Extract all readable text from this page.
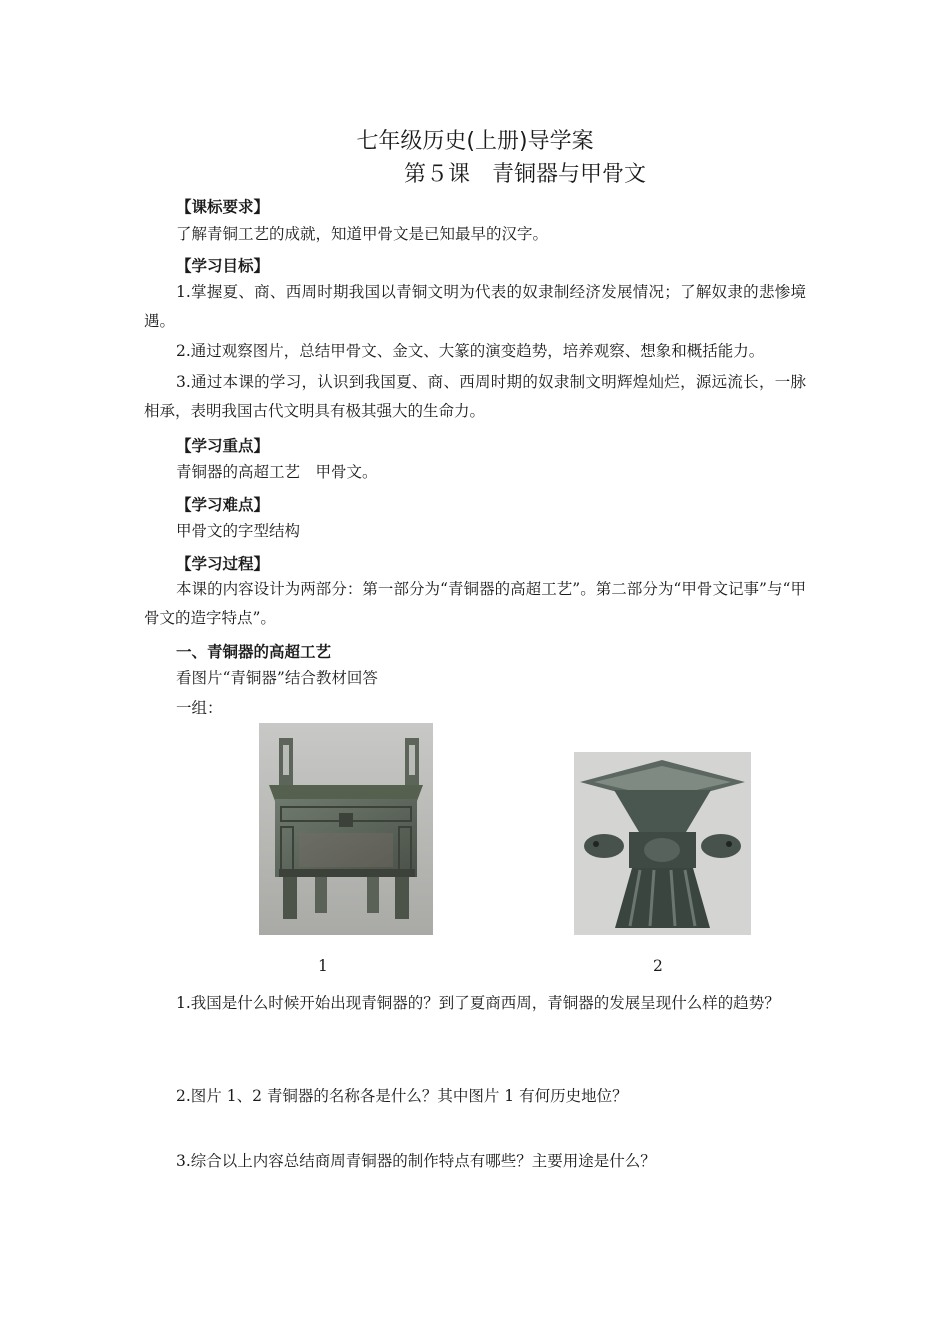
七年级历史(上册)导学案
第５课　青铜器与甲骨文
【课标要求】

了解青铜工艺的成就，知道甲骨文是已知最早的汉字。

【学习目标】

1.掌握夏、商、西周时期我国以青铜文明为代表的奴隶制经济发展情况；了解奴隶的悲惨境遇。

2.通过观察图片，总结甲骨文、金文、大篆的演变趋势，培养观察、想象和概括能力。

3.通过本课的学习，认识到我国夏、商、西周时期的奴隶制文明辉煌灿烂，源远流长，一脉相承，表明我国古代文明具有极其强大的生命力。

【学习重点】

青铜器的高超工艺　甲骨文。

【学习难点】

甲骨文的字型结构

【学习过程】

本课的内容设计为两部分：第一部分为“青铜器的高超工艺”。第二部分为“甲骨文记事”与“甲骨文的造字特点”。

一、青铜器的高超工艺

看图片“青铜器”结合教材回答

一组：

1	2

1.我国是什么时候开始出现青铜器的？到了夏商西周，青铜器的发展呈现什么样的趋势？

2.图片 1、2 青铜器的名称各是什么？其中图片 1 有何历史地位？

3.综合以上内容总结商周青铜器的制作特点有哪些？主要用途是什么？
